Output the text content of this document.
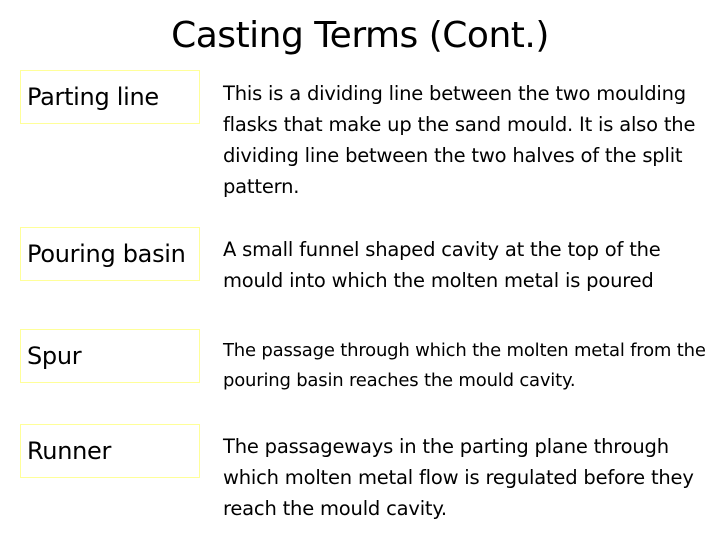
Casting Terms (Cont.)
Parting line	This is a dividing line between the two moulding flasks that make up the sand mould. It is also the dividing line between the two halves of the split pattern.
Pouring basin	A small funnel shaped cavity at the top of the mould into which the molten metal is poured
Spur	The passage through which the molten metal from the pouring basin reaches the mould cavity.
Runner	The passageways in the parting plane through which molten metal flow is regulated before they reach the mould cavity.
